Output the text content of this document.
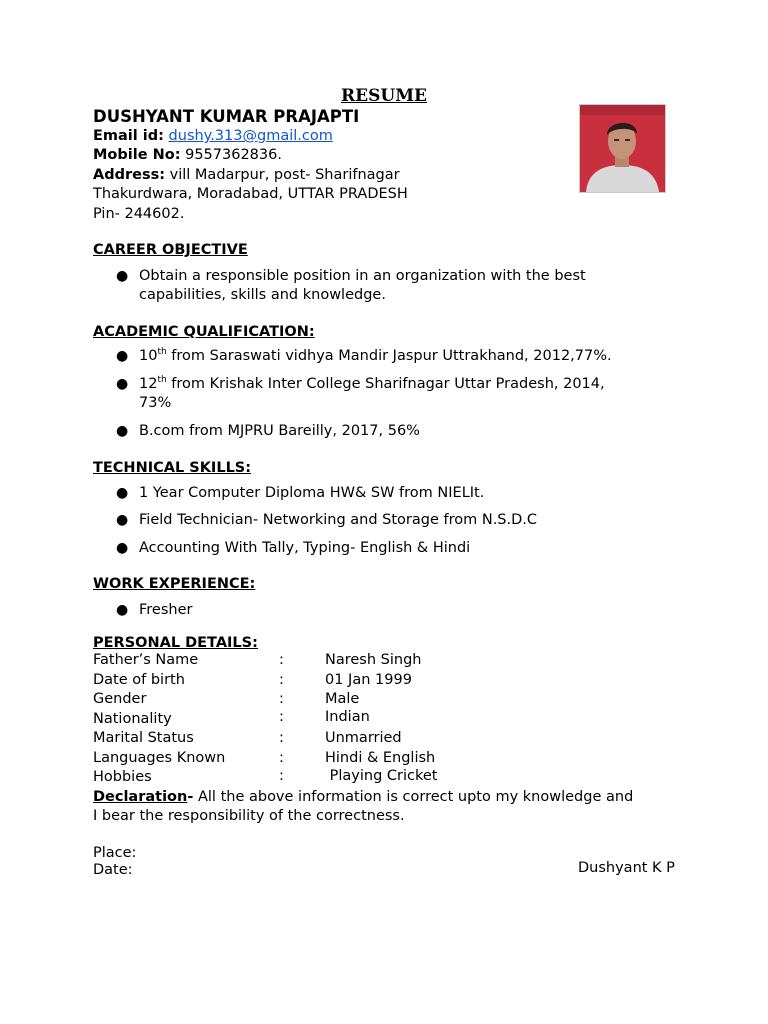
RESUME
DUSHYANT KUMAR PRAJAPTI
Email id: dushy.313@gmail.com
Mobile No: 9557362836.
Address: vill Madarpur, post- Sharifnagar
Thakurdwara, Moradabad, UTTAR PRADESH
Pin- 244602.
CAREER OBJECTIVE
● Obtain a responsible position in an organization with the best
capabilities, skills and knowledge.
ACADEMIC QUALIFICATION:
● 10th from Saraswati vidhya Mandir Jaspur Uttrakhand, 2012,77%.
● 12th from Krishak Inter College Sharifnagar Uttar Pradesh, 2014,
73%
● B.com from MJPRU Bareilly, 2017, 56%
TECHNICAL SKILLS:
● 1 Year Computer Diploma HW& SW from NIELIt.
● Field Technician- Networking and Storage from N.S.D.C
● Accounting With Tally, Typing- English & Hindi
WORK EXPERIENCE:
● Fresher
PERSONAL DETAILS:
Father’s Name	:	Naresh Singh
Date of birth	:	01 Jan 1999
Gender	:	Male
Nationality	:	Indian
Marital Status	:	Unmarried
Languages Known	:	Hindi & English
Hobbies	:	Playing Cricket
Declaration- All the above information is correct upto my knowledge and
I bear the responsibility of the correctness.
Place:
Date:	Dushyant K P
